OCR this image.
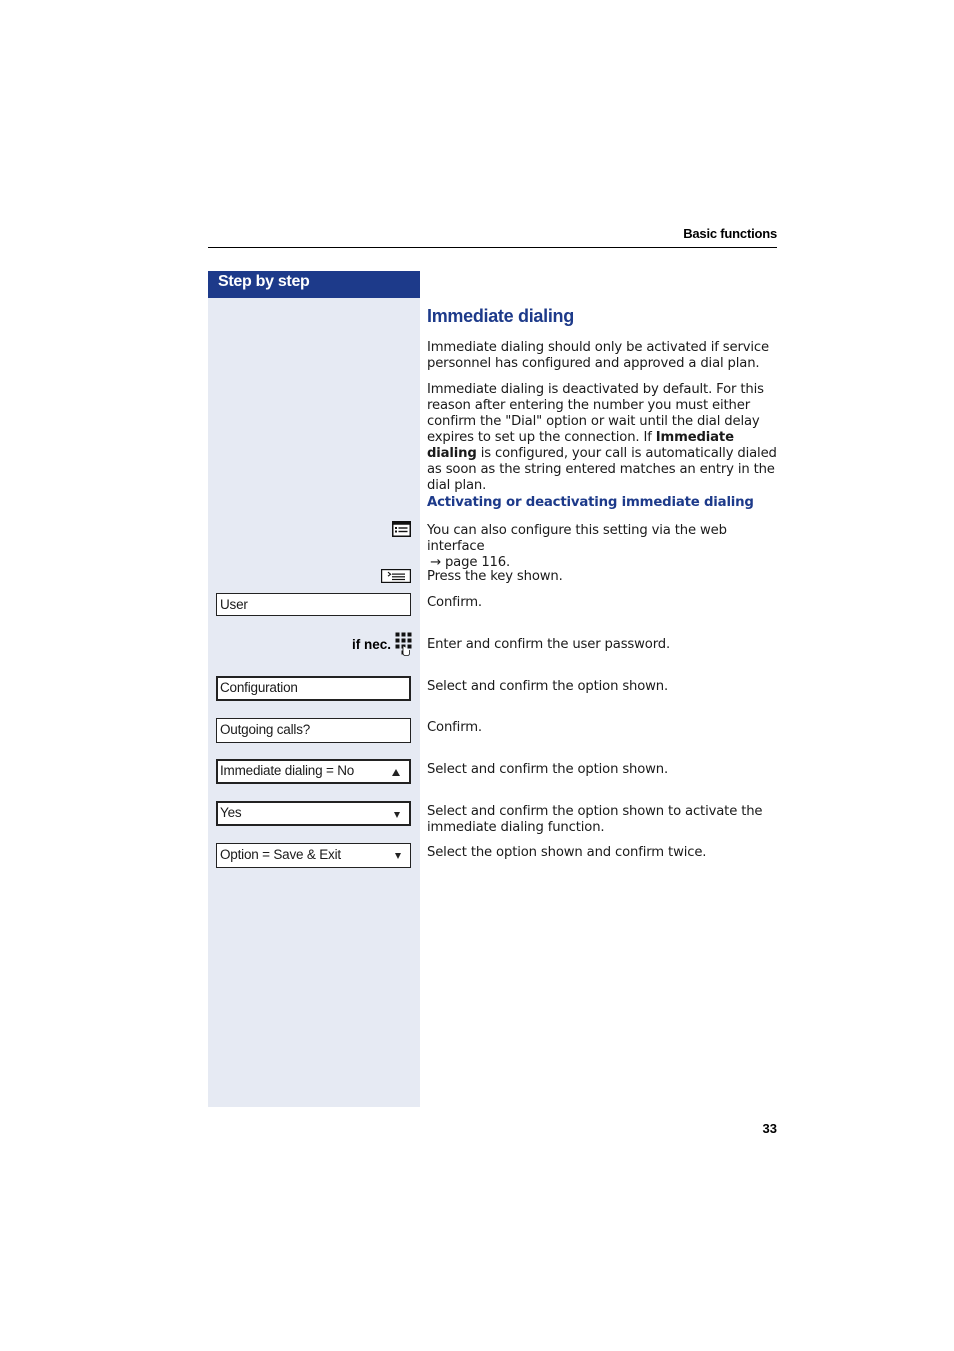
Basic functions
Step by step
Immediate dialing
Immediate dialing should only be activated if service personnel has configured and approved a dial plan.
Immediate dialing is deactivated by default. For this reason after entering the number you must either confirm the "Dial" option or wait until the dial delay expires to set up the connection. If Immediate dialing is configured, your call is automatically dialed as soon as the string entered matches an entry in the dial plan.
Activating or deactivating immediate dialing
You can also configure this setting via the web interface
→ page 116.
Press the key shown.
User	Confirm.
if nec.	Enter and confirm the user password.
Configuration	Select and confirm the option shown.
Outgoing calls?	Confirm.
Immediate dialing = No	Select and confirm the option shown.
Yes	Select and confirm the option shown to activate the immediate dialing function.
Option = Save & Exit	Select the option shown and confirm twice.
33
